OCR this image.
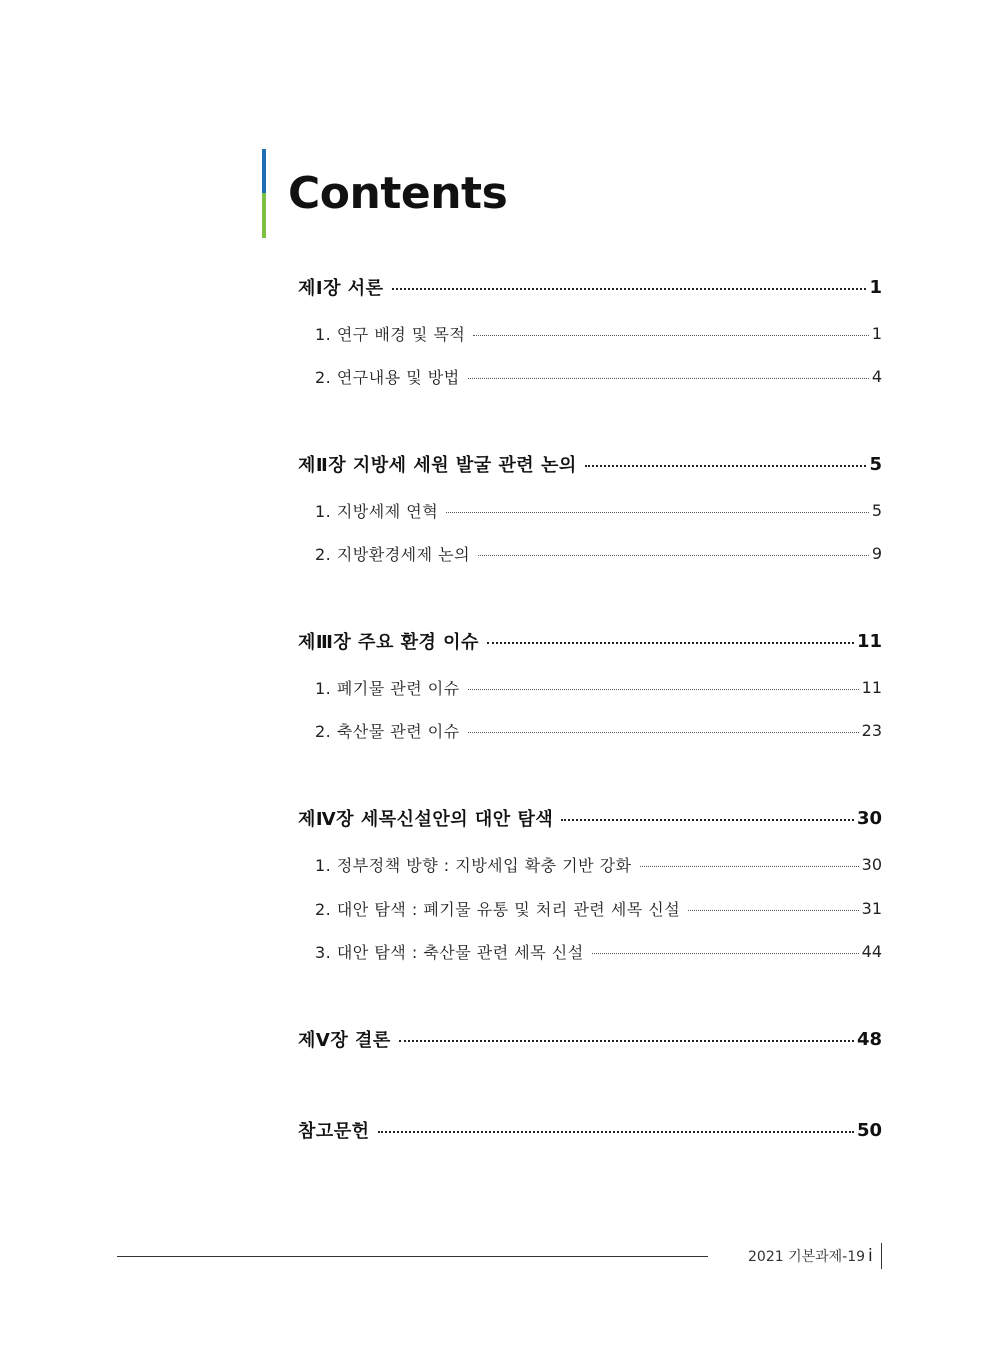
Contents
제Ⅰ장 서론	1
1. 연구 배경 및 목적	1
2. 연구내용 및 방법	4
제Ⅱ장 지방세 세원 발굴 관련 논의	5
1. 지방세제 연혁	5
2. 지방환경세제 논의	9
제Ⅲ장 주요 환경 이슈	11
1. 폐기물 관련 이슈	11
2. 축산물 관련 이슈	23
제Ⅳ장 세목신설안의 대안 탐색	30
1. 정부정책 방향 : 지방세입 확충 기반 강화	30
2. 대안 탐색 : 폐기물 유통 및 처리 관련 세목 신설	31
3. 대안 탐색 : 축산물 관련 세목 신설	44
제Ⅴ장 결론	48
참고문헌	50
2021 기본과제-19 i
